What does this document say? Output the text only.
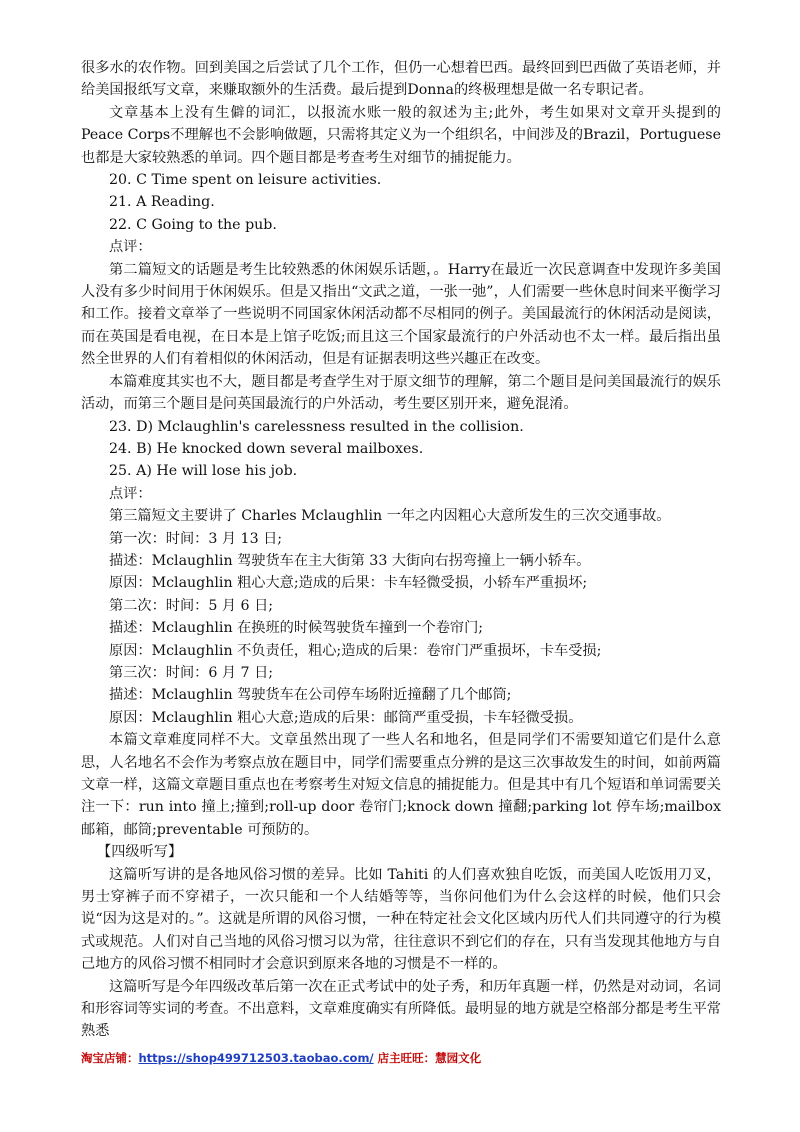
很多水的农作物。回到美国之后尝试了几个工作，但仍一心想着巴西。最终回到巴西做了英语老师，并给美国报纸写文章，来赚取额外的生活费。最后提到Donna的终极理想是做一名专职记者。

文章基本上没有生僻的词汇，以报流水账一般的叙述为主;此外，考生如果对文章开头提到的Peace Corps不理解也不会影响做题，只需将其定义为一个组织名，中间涉及的Brazil，Portuguese也都是大家较熟悉的单词。四个题目都是考查考生对细节的捕捉能力。

20. C Time spent on leisure activities.

21. A Reading.

22. C Going to the pub.

点评：

第二篇短文的话题是考生比较熟悉的休闲娱乐话题，。Harry在最近一次民意调查中发现许多美国人没有多少时间用于休闲娱乐。但是又指出“文武之道，一张一弛”，人们需要一些休息时间来平衡学习和工作。接着文章举了一些说明不同国家休闲活动都不尽相同的例子。美国最流行的休闲活动是阅读，而在英国是看电视，在日本是上馆子吃饭;而且这三个国家最流行的户外活动也不太一样。最后指出虽然全世界的人们有着相似的休闲活动，但是有证据表明这些兴趣正在改变。

本篇难度其实也不大，题目都是考查学生对于原文细节的理解，第二个题目是问美国最流行的娱乐活动，而第三个题目是问英国最流行的户外活动，考生要区别开来，避免混淆。

23. D) Mclaughlin's carelessness resulted in the collision.

24. B) He knocked down several mailboxes.

25. A) He will lose his job.

点评：

第三篇短文主要讲了 Charles Mclaughlin 一年之内因粗心大意所发生的三次交通事故。

第一次：时间：3 月 13 日;

描述：Mclaughlin 驾驶货车在主大街第 33 大街向右拐弯撞上一辆小轿车。

原因：Mclaughlin 粗心大意;造成的后果：卡车轻微受损，小轿车严重损坏;

第二次：时间：5 月 6 日;

描述：Mclaughlin 在换班的时候驾驶货车撞到一个卷帘门;

原因：Mclaughlin 不负责任，粗心;造成的后果：卷帘门严重损坏，卡车受损;

第三次：时间：6 月 7 日;

描述：Mclaughlin 驾驶货车在公司停车场附近撞翻了几个邮筒;

原因：Mclaughlin 粗心大意;造成的后果：邮筒严重受损，卡车轻微受损。

本篇文章难度同样不大。文章虽然出现了一些人名和地名，但是同学们不需要知道它们是什么意思，人名地名不会作为考察点放在题目中，同学们需要重点分辨的是这三次事故发生的时间，如前两篇文章一样，这篇文章题目重点也在考察考生对短文信息的捕捉能力。但是其中有几个短语和单词需要关注一下：run into 撞上;撞到;roll-up door 卷帘门;knock down 撞翻;parking lot 停车场;mailbox 邮箱，邮筒;preventable 可预防的。

【四级听写】

这篇听写讲的是各地风俗习惯的差异。比如 Tahiti 的人们喜欢独自吃饭，而美国人吃饭用刀叉，男士穿裤子而不穿裙子，一次只能和一个人结婚等等，当你问他们为什么会这样的时候，他们只会说“因为这是对的。”。这就是所谓的风俗习惯，一种在特定社会文化区域内历代人们共同遵守的行为模式或规范。人们对自己当地的风俗习惯习以为常，往往意识不到它们的存在，只有当发现其他地方与自己地方的风俗习惯不相同时才会意识到原来各地的习惯是不一样的。

这篇听写是今年四级改革后第一次在正式考试中的处子秀，和历年真题一样，仍然是对动词，名词和形容词等实词的考查。不出意料，文章难度确实有所降低。最明显的地方就是空格部分都是考生平常熟悉

淘宝店铺：https://shop499712503.taobao.com/ 店主旺旺：慧园文化
